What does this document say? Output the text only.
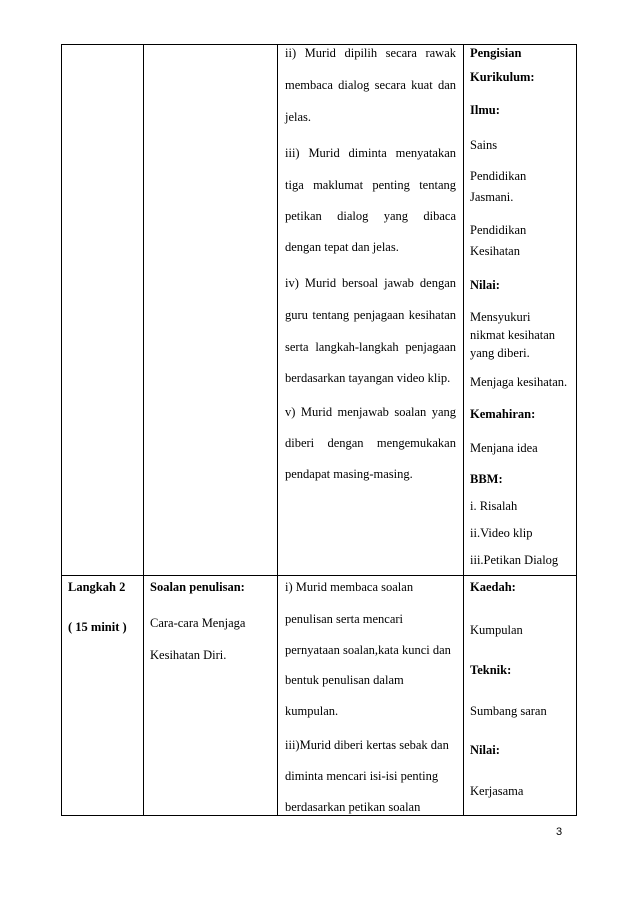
ii) Murid dipilih secara rawak
membaca dialog secara kuat dan
jelas.
iii) Murid diminta menyatakan
tiga maklumat penting tentang
petikan dialog yang dibaca
dengan tepat dan jelas.
iv) Murid bersoal jawab dengan
guru tentang penjagaan kesihatan
serta langkah-langkah penjagaan
berdasarkan tayangan video klip.
v) Murid menjawab soalan yang
diberi dengan mengemukakan
pendapat masing-masing.
Pengisian
Kurikulum:
Ilmu:
Sains
Pendidikan
Jasmani.
Pendidikan
Kesihatan
Nilai:
Mensyukuri
nikmat kesihatan
yang diberi.
Menjaga kesihatan.
Kemahiran:
Menjana idea
BBM:
i. Risalah
ii.Video klip
iii.Petikan Dialog
Langkah 2
( 15 minit )
Soalan penulisan:
Cara-cara Menjaga
Kesihatan Diri.
i) Murid membaca soalan
penulisan serta mencari
pernyataan soalan,kata kunci dan
bentuk penulisan dalam
kumpulan.
iii)Murid diberi kertas sebak dan
diminta mencari isi-isi penting
berdasarkan petikan soalan
Kaedah:
Kumpulan
Teknik:
Sumbang saran
Nilai:
Kerjasama
3
